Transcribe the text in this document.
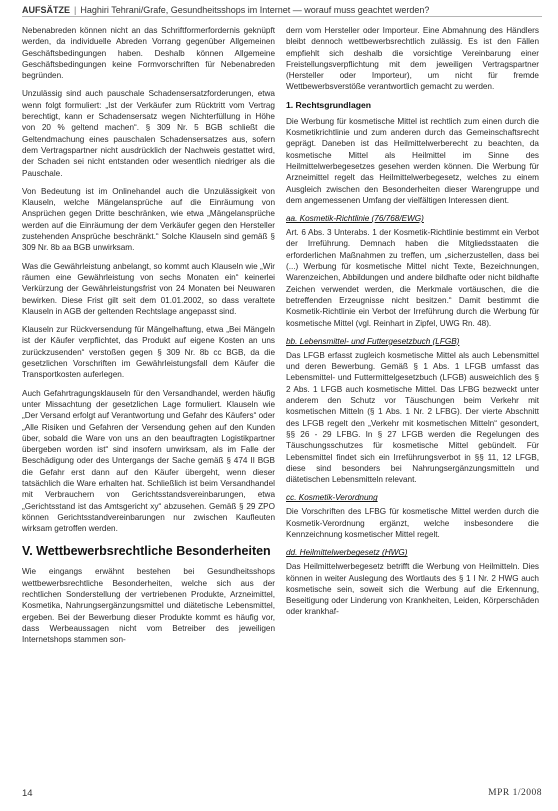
AUFSÄTZE | Haghiri Tehrani/Grafe, Gesundheitsshops im Internet — worauf muss geachtet werden?

Nebenabreden können nicht an das Schriftformerfordernis geknüpft werden, da individuelle Abreden Vorrang gegenüber Allgemeinen Geschäftsbedingungen haben. Deshalb können Allgemeine Geschäftsbedingungen keine Formvorschriften für Nebenabreden begründen.

Unzulässig sind auch pauschale Schadensersatzforderungen, etwa wenn folgt formuliert: „Ist der Verkäufer zum Rücktritt vom Vertrag berechtigt, kann er Schadensersatz wegen Nichterfüllung in Höhe von 20 % geltend machen“. § 309 Nr. 5 BGB schließt die Geltendmachung eines pauschalen Schadensersatzes aus, sofern dem Vertragspartner nicht ausdrücklich der Nachweis gestattet wird, der Schaden sei nicht entstanden oder wesentlich niedriger als die Pauschale.

Von Bedeutung ist im Onlinehandel auch die Unzulässigkeit von Klauseln, welche Mängelansprüche auf die Einräumung von Ansprüchen gegen Dritte beschränken, wie etwa „Mängelansprüche werden auf die Einräumung der dem Verkäufer gegen den Hersteller zustehenden Ansprüche beschränkt.“ Solche Klauseln sind gemäß § 309 Nr. 8b aa BGB unwirksam.

Was die Gewährleistung anbelangt, so kommt auch Klauseln wie „Wir räumen eine Gewährleistung von sechs Monaten ein“ keinerlei Verkürzung der Gewährleistungsfrist von 24 Monaten bei Neuwaren bewirken. Diese Frist gilt seit dem 01.01.2002, so dass veraltete Klauseln in AGB der geltenden Rechtslage angepasst sind.

Klauseln zur Rückversendung für Mängelhaftung, etwa „Bei Mängeln ist der Käufer verpflichtet, das Produkt auf eigene Kosten an uns zurückzusenden“ verstoßen gegen § 309 Nr. 8b cc BGB, da die gesetzlichen Vorschriften im Gewährleistungsfall dem Käufer die Transportkosten auferlegen.

Auch Gefahrtragungsklauseln für den Versandhandel, werden häufig unter Missachtung der gesetzlichen Lage formuliert. Klauseln wie „Der Versand erfolgt auf Verantwortung und Gefahr des Käufers“ oder „Alle Risiken und Gefahren der Versendung gehen auf den Kunden über, sobald die Ware von uns an den beauftragten Logistikpartner übergeben worden ist“ sind insofern unwirksam, als im Falle der Beschädigung oder des Untergangs der Sache gemäß § 474 II BGB die Gefahr erst dann auf den Käufer übergeht, wenn dieser tatsächlich die Ware erhalten hat. Schließlich ist beim Versandhandel mit Verbrauchern von Gerichtsstandsvereinbarungen, etwa „Gerichtsstand ist das Amtsgericht xy“ abzusehen. Gemäß § 29 ZPO können Gerichtsstandvereinbarungen nur zwischen Kaufleuten wirksam getroffen werden.

V. Wettbewerbsrechtliche Besonderheiten

Wie eingangs erwähnt bestehen bei Gesundheitsshops wettbewerbsrechtliche Besonderheiten, welche sich aus der rechtlichen Sonderstellung der vertriebenen Produkte, Arzneimittel, Kosmetika, Nahrungsergänzungsmittel und diätetische Lebensmittel, ergeben. Bei der Bewerbung dieser Produkte kommt es häufig vor, dass Werbeaussagen nicht vom Betreiber des jeweiligen Internetshops stammen son-

dern vom Hersteller oder Importeur. Eine Abmahnung des Händlers bleibt dennoch wettbewerbsrechtlich zulässig. Es ist den Fällen empfiehlt sich deshalb die vorsichtige Vereinbarung einer Freistellungsverpflichtung mit dem jeweiligen Vertragspartner (Hersteller oder Importeur), um nicht für fremde Wettbewerbsverstöße verantwortlich gemacht zu werden.

1. Rechtsgrundlagen

Die Werbung für kosmetische Mittel ist rechtlich zum einen durch die Kosmetikrichtlinie und zum anderen durch das Gemeinschaftsrecht geprägt. Daneben ist das Heilmittelwerberecht zu beachten, da kosmetische Mittel als Heilmittel im Sinne des Heilmittelwerbegesetzes gesehen werden können. Die Werbung für Arzneimittel regelt das Heilmittelwerbegesetz, welches zu einem Ausgleich zwischen den Besonderheiten dieser Warengruppe und dem angemessenen Umfang der vielfältigen Interessen dient.

aa. Kosmetik-Richtlinie (76/768/EWG)

Art. 6 Abs. 3 Unterabs. 1 der Kosmetik-Richtlinie bestimmt ein Verbot der Irreführung. Demnach haben die Mitgliedsstaaten die erforderlichen Maßnahmen zu treffen, um „sicherzustellen, dass bei (...) Werbung für kosmetische Mittel nicht Texte, Bezeichnungen, Warenzeichen, Abbildungen und andere bildhafte oder nicht bildhafte Zeichen verwendet werden, die Merkmale vortäuschen, die die betreffenden Erzeugnisse nicht besitzen.“ Damit bestimmt die Kosmetik-Richtlinie ein Verbot der Irreführung durch die Werbung für kosmetische Mittel (vgl. Reinhart in Zipfel, UWG Rn. 48).

bb. Lebensmittel- und Futtergesetzbuch (LFGB)

Das LFGB erfasst zugleich kosmetische Mittel als auch Lebensmittel und deren Bewerbung. Gemäß § 1 Abs. 1 LFGB umfasst das Lebensmittel- und Futtermittelgesetzbuch (LFGB) ausweichlich des § 2 Abs. 1 LFGB auch kosmetische Mittel. Das LFBG bezweckt unter anderem den Schutz vor Täuschungen beim Verkehr mit kosmetischen Mitteln (§ 1 Abs. 1 Nr. 2 LFBG). Der vierte Abschnitt des LFGB regelt den „Verkehr mit kosmetischen Mitteln“ gesondert, §§ 26 - 29 LFBG. In § 27 LFGB werden die Regelungen des Täuschungsschutzes für kosmetische Mittel gebündelt. Für Lebensmittel findet sich ein Irreführungsverbot in §§ 11, 12 LFGB, diese sind besonders bei Nahrungsergänzungsmitteln und diätetischen Lebensmitteln relevant.

cc. Kosmetik-Verordnung

Die Vorschriften des LFBG für kosmetische Mittel werden durch die Kosmetik-Verordnung ergänzt, welche insbesondere die Kennzeichnung kosmetischer Mittel regelt.

dd. Heilmittelwerbegesetz (HWG)

Das Heilmittelwerbegesetz betrifft die Werbung von Heilmitteln. Dies können in weiter Auslegung des Wortlauts des § 1 I Nr. 2 HWG auch kosmetische sein, soweit sich die Werbung auf die Erkennung, Beseitigung oder Linderung von Krankheiten, Leiden, Körperschäden oder krankhaf-

14	MPR 1/2008
